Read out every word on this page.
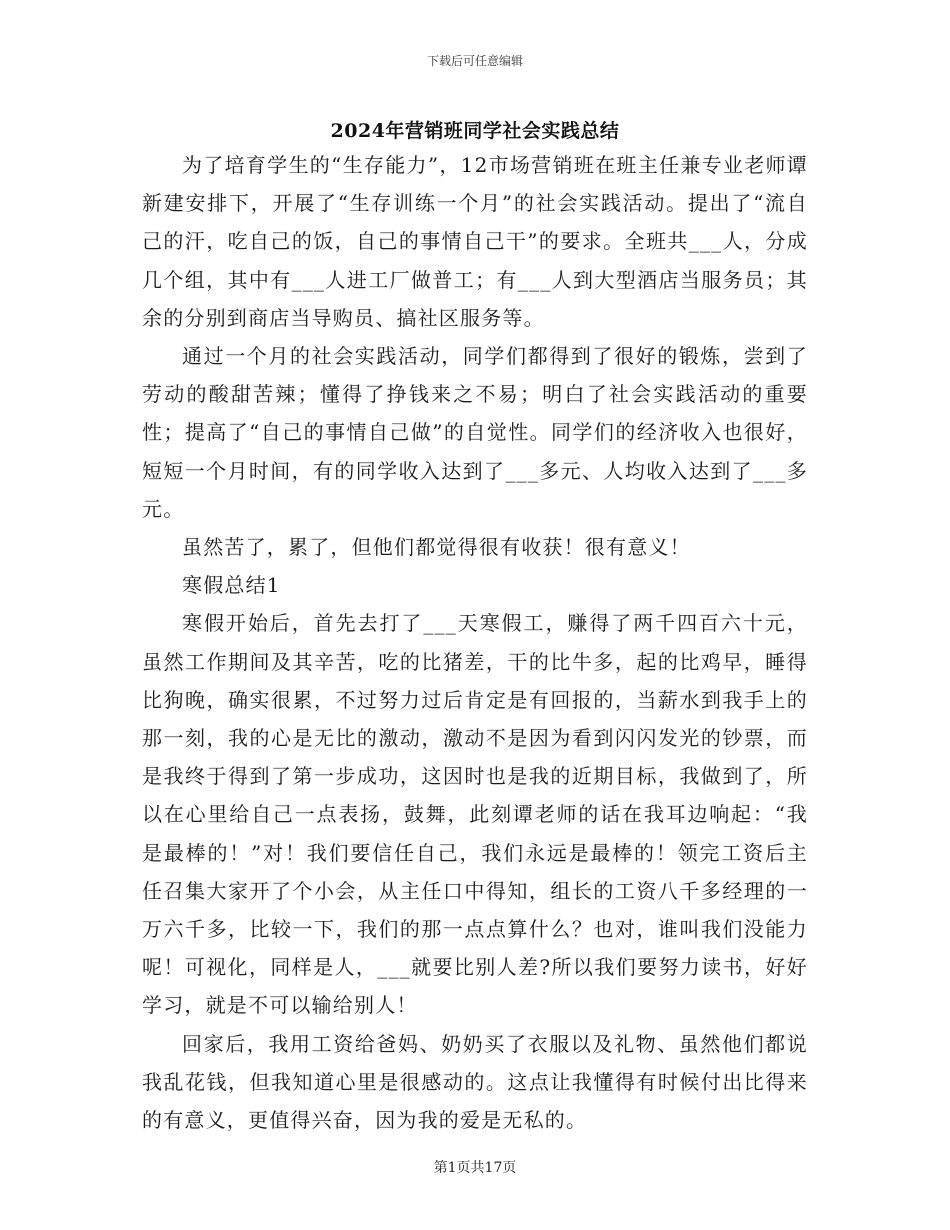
下载后可任意编辑
2024年营销班同学社会实践总结

为了培育学生的“生存能力”，12市场营销班在班主任兼专业老师谭新建安排下，开展了“生存训练一个月”的社会实践活动。提出了“流自己的汗，吃自己的饭，自己的事情自己干”的要求。全班共___人，分成几个组，其中有___人进工厂做普工；有___人到大型酒店当服务员；其余的分别到商店当导购员、搞社区服务等。

通过一个月的社会实践活动，同学们都得到了很好的锻炼，尝到了劳动的酸甜苦辣；懂得了挣钱来之不易；明白了社会实践活动的重要性；提高了“自己的事情自己做”的自觉性。同学们的经济收入也很好，短短一个月时间，有的同学收入达到了___多元、人均收入达到了___多元。

虽然苦了，累了，但他们都觉得很有收获！很有意义！

寒假总结1

寒假开始后，首先去打了___天寒假工，赚得了两千四百六十元，虽然工作期间及其辛苦，吃的比猪差，干的比牛多，起的比鸡早，睡得比狗晚，确实很累，不过努力过后肯定是有回报的，当薪水到我手上的那一刻，我的心是无比的激动，激动不是因为看到闪闪发光的钞票，而是我终于得到了第一步成功，这因时也是我的近期目标，我做到了，所以在心里给自己一点表扬，鼓舞，此刻谭老师的话在我耳边响起：“我是最棒的！”对！我们要信任自己，我们永远是最棒的！领完工资后主任召集大家开了个小会，从主任口中得知，组长的工资八千多经理的一万六千多，比较一下，我们的那一点点算什么？也对，谁叫我们没能力呢！可视化，同样是人，___就要比别人差?所以我们要努力读书，好好学习，就是不可以输给别人！

回家后，我用工资给爸妈、奶奶买了衣服以及礼物、虽然他们都说我乱花钱，但我知道心里是很感动的。这点让我懂得有时候付出比得来的有意义，更值得兴奋，因为我的爱是无私的。

第1页共17页
